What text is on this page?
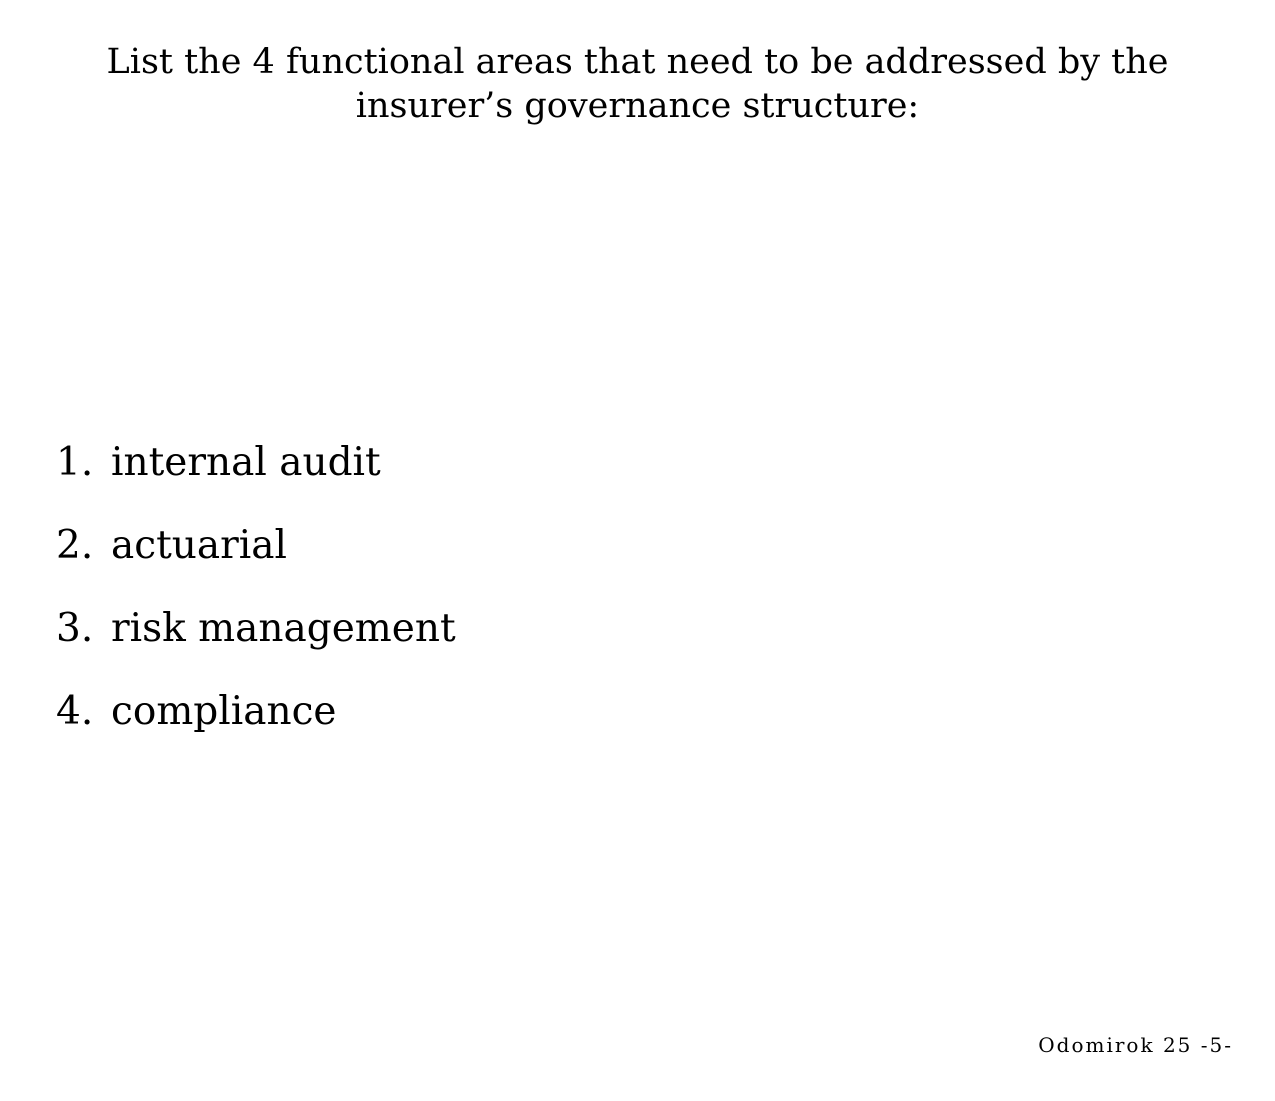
List the 4 functional areas that need to be addressed by the insurer’s governance structure:
1. internal audit
2. actuarial
3. risk management
4. compliance
Odomirok 25 -5-
